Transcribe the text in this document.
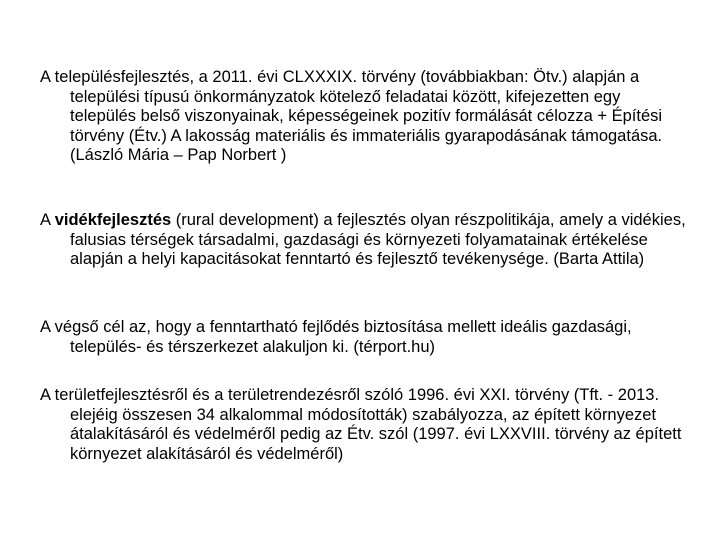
A településfejlesztés, a 2011. évi CLXXXIX. törvény (továbbiakban: Ötv.) alapján a települési típusú önkormányzatok kötelező feladatai között, kifejezetten egy település belső viszonyainak, képességeinek pozitív formálását célozza + Építési törvény (Étv.) A lakosság materiális és immateriális gyarapodásának támogatása. (László Mária – Pap Norbert )

A vidékfejlesztés (rural development) a fejlesztés olyan részpolitikája, amely a vidékies, falusias térségek társadalmi, gazdasági és környezeti folyamatainak értékelése alapján a helyi kapacitásokat fenntartó és fejlesztő tevékenysége. (Barta Attila)

A végső cél az, hogy a fenntartható fejlődés biztosítása mellett ideális gazdasági, település- és térszerkezet alakuljon ki. (térport.hu)

A területfejlesztésről és a területrendezésről szóló 1996. évi XXI. törvény (Tft. - 2013. elejéig összesen 34 alkalommal módosították) szabályozza, az épített környezet átalakításáról és védelméről pedig az Étv. szól (1997. évi LXXVIII. törvény az épített környezet alakításáról és védelméről)
